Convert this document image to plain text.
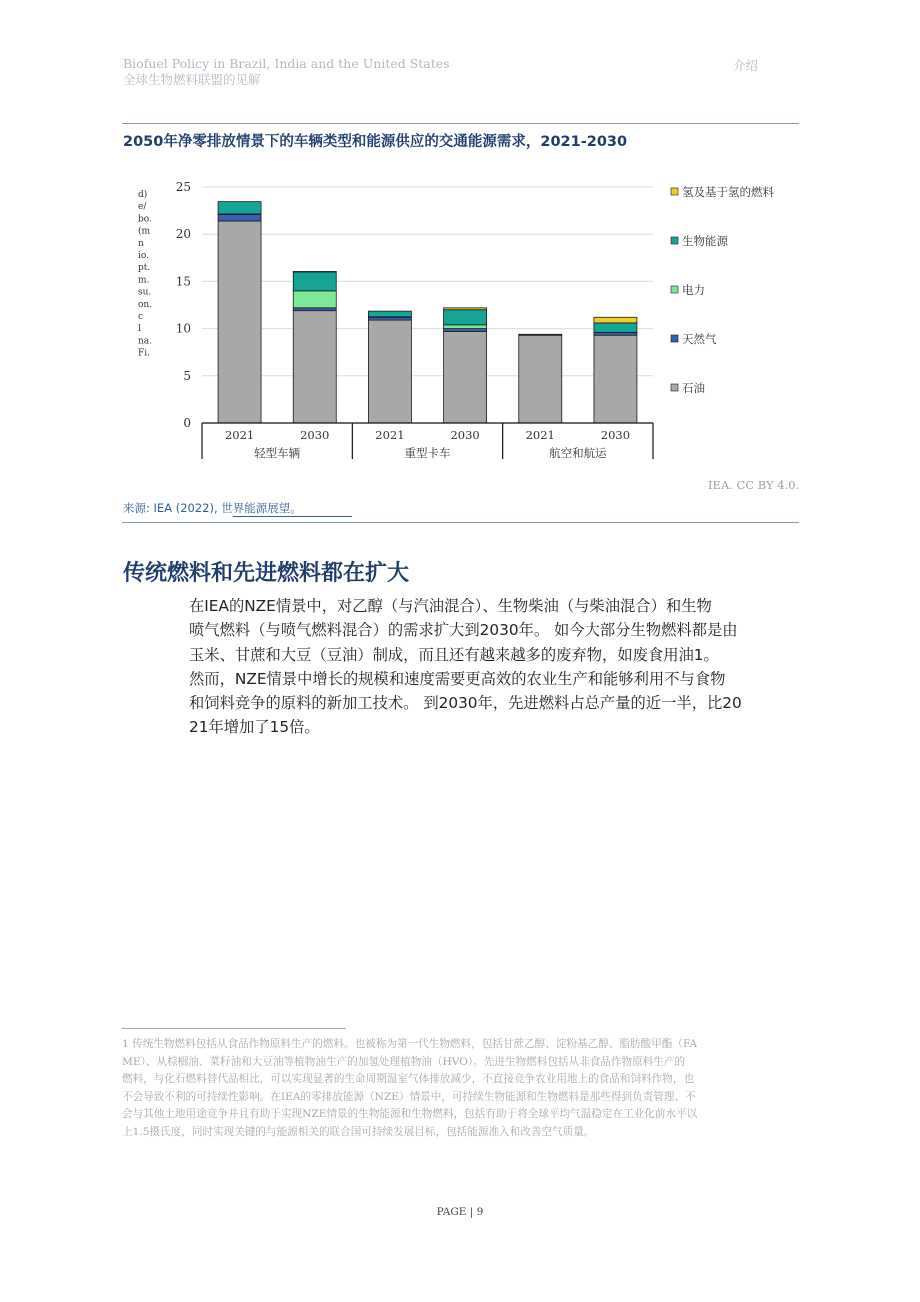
Biofuel Policy in Brazil, India and the United States
全球生物燃料联盟的见解
介绍
2050年净零排放情景下的车辆类型和能源供应的交通能源需求，2021-2030
d) e/ bo. (m n io. pt. m. su. on. c l na. Fi.
0
5
10
15
20
25
2021	2030	2021	2030	2021	2030
轻型车辆	重型卡车	航空和航运
氢及基于氢的燃料
生物能源
电力
天然气
石油
IEA. CC BY 4.0.
来源: IEA (2022), 世界能源展望。
传统燃料和先进燃料都在扩大
在IEA的NZE情景中，对乙醇（与汽油混合）、生物柴油（与柴油混合）和生物
喷气燃料（与喷气燃料混合）的需求扩大到2030年。 如今大部分生物燃料都是由
玉米、甘蔗和大豆（豆油）制成，而且还有越来越多的废弃物，如废食用油1。
然而，NZE情景中增长的规模和速度需要更高效的农业生产和能够利用不与食物
和饲料竞争的原料的新加工技术。 到2030年，先进燃料占总产量的近一半，比20
21年增加了15倍。
1 传统生物燃料包括从食品作物原料生产的燃料。也被称为第一代生物燃料，包括甘蔗乙醇、淀粉基乙醇、脂肪酸甲酯（FA
ME）、从棕榈油、菜籽油和大豆油等植物油生产的加氢处理植物油（HVO）。先进生物燃料包括从非食品作物原料生产的
燃料，与化石燃料替代品相比，可以实现显著的生命周期温室气体排放减少，不直接竞争农业用地上的食品和饲料作物，也
不会导致不利的可持续性影响。在IEA的零排放能源（NZE）情景中，可持续生物能源和生物燃料是那些得到负责管理、不
会与其他土地用途竞争并且有助于实现NZE情景的生物能源和生物燃料，包括有助于将全球平均气温稳定在工业化前水平以
上1.5摄氏度，同时实现关键的与能源相关的联合国可持续发展目标，包括能源准入和改善空气质量。
PAGE | 9
